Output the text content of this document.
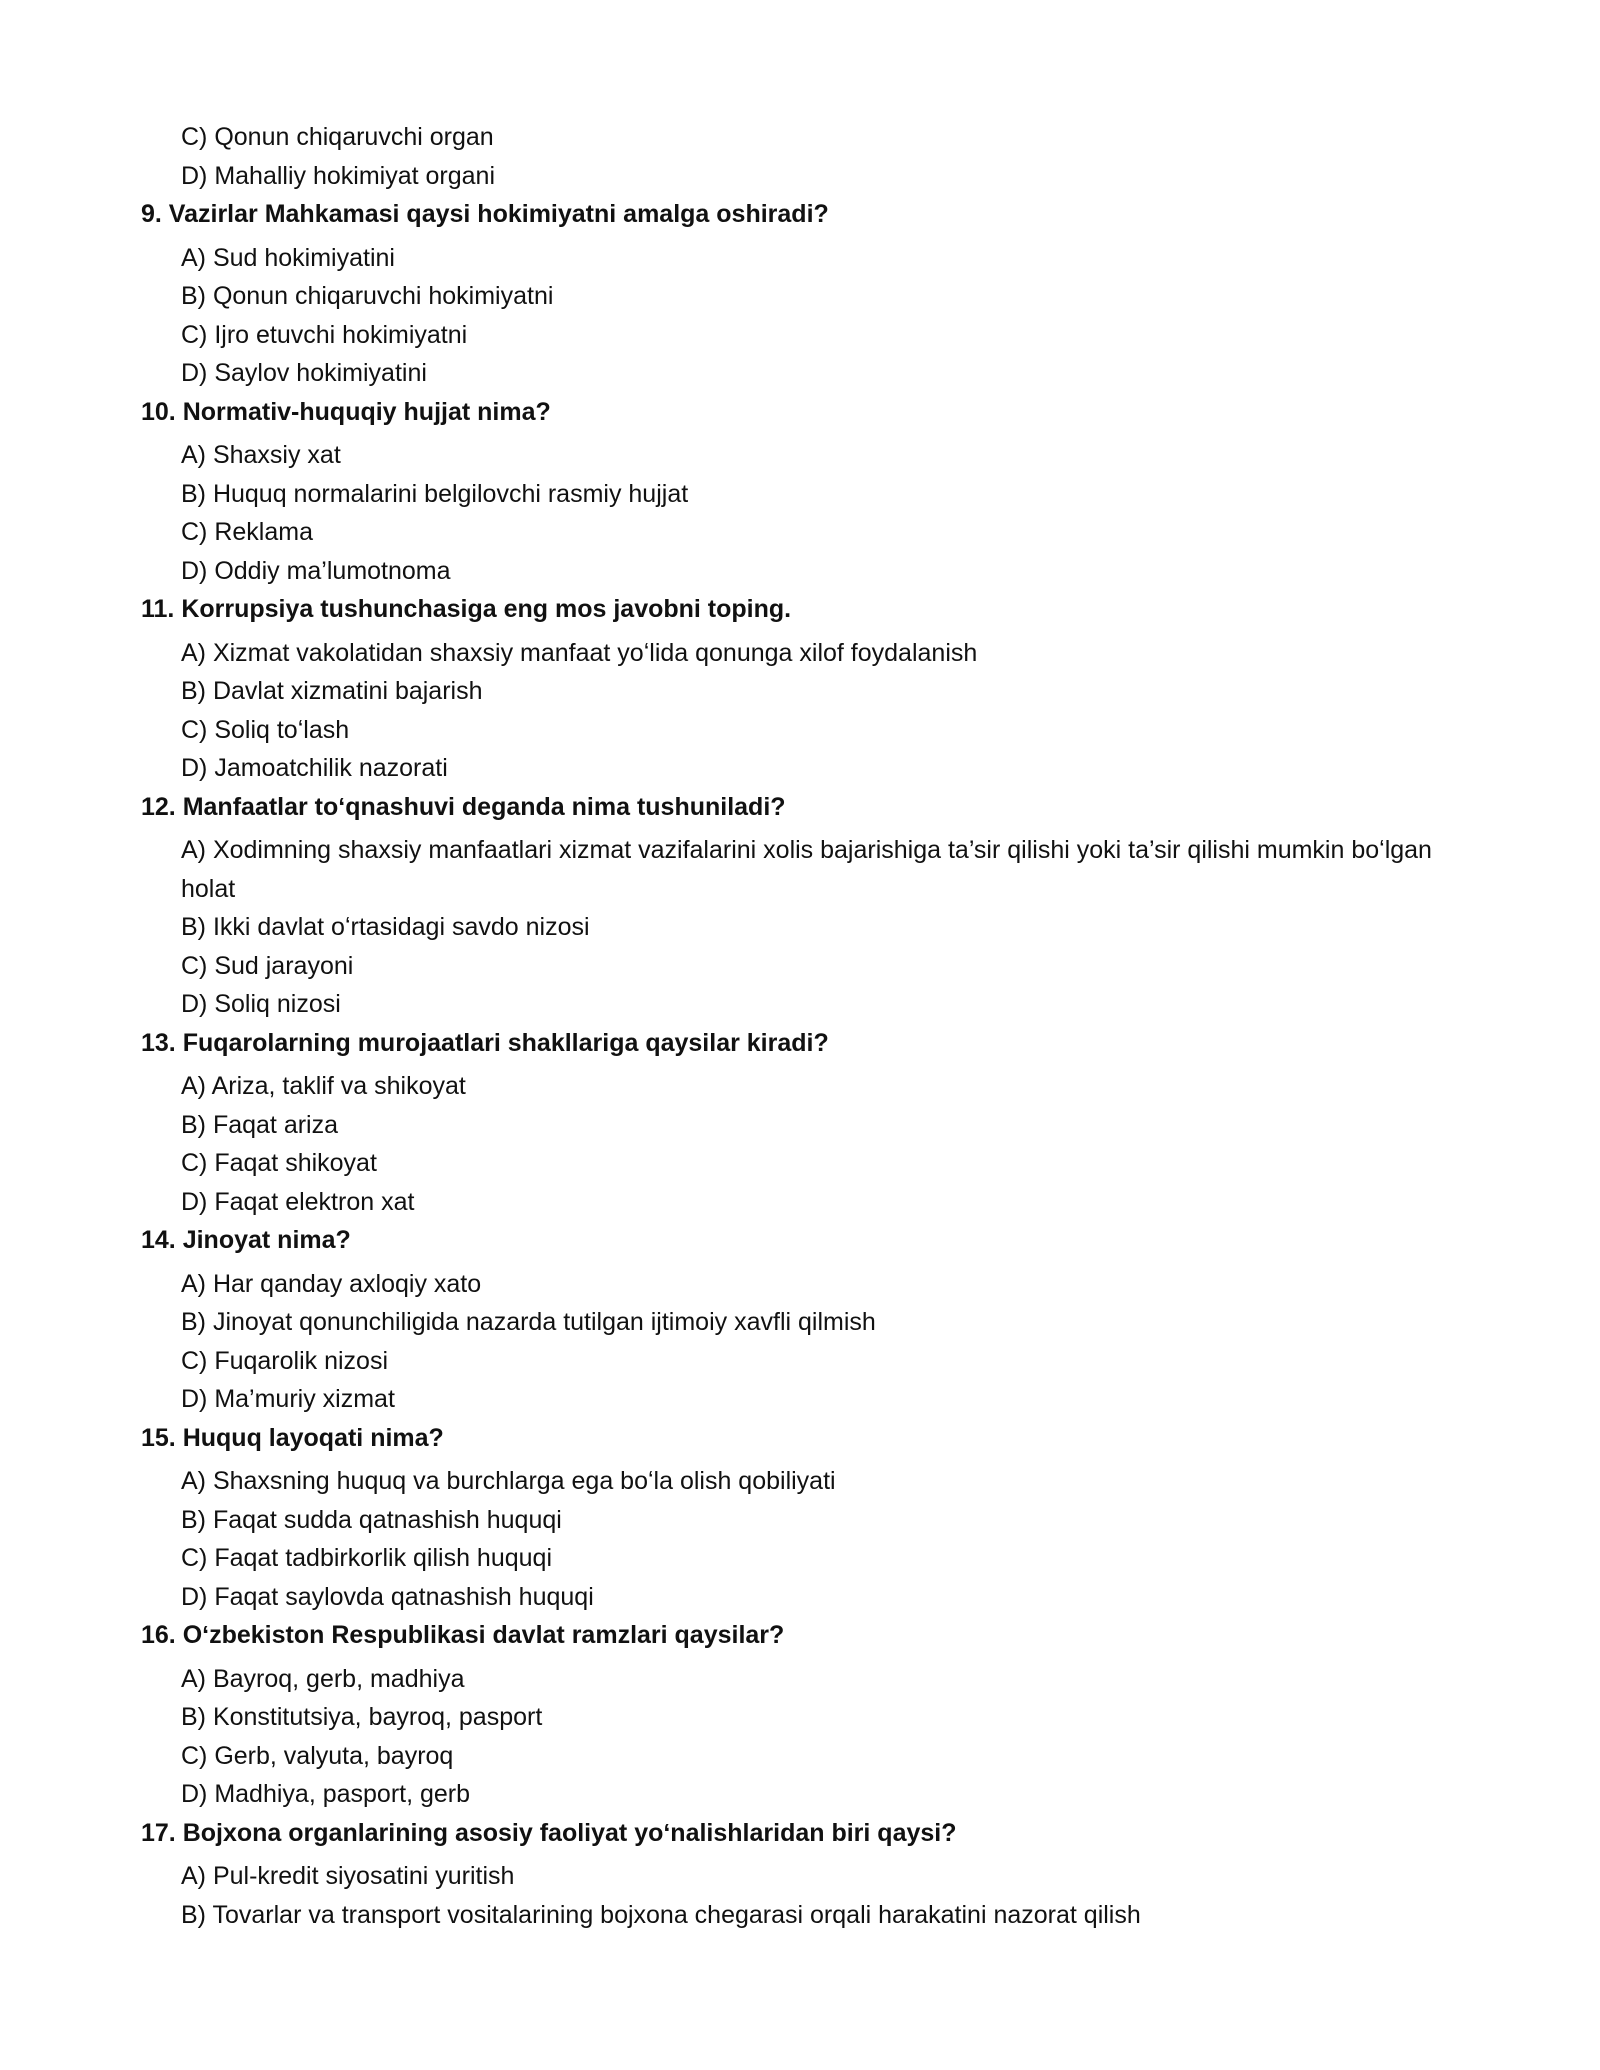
C) Qonun chiqaruvchi organ
D) Mahalliy hokimiyat organi
9. Vazirlar Mahkamasi qaysi hokimiyatni amalga oshiradi?
A) Sud hokimiyatini
B) Qonun chiqaruvchi hokimiyatni
C) Ijro etuvchi hokimiyatni
D) Saylov hokimiyatini
10. Normativ-huquqiy hujjat nima?
A) Shaxsiy xat
B) Huquq normalarini belgilovchi rasmiy hujjat
C) Reklama
D) Oddiy ma’lumotnoma
11. Korrupsiya tushunchasiga eng mos javobni toping.
A) Xizmat vakolatidan shaxsiy manfaat yoʻlida qonunga xilof foydalanish
B) Davlat xizmatini bajarish
C) Soliq toʻlash
D) Jamoatchilik nazorati
12. Manfaatlar toʻqnashuvi deganda nima tushuniladi?
A) Xodimning shaxsiy manfaatlari xizmat vazifalarini xolis bajarishiga ta’sir qilishi yoki ta’sir qilishi mumkin boʻlgan holat
B) Ikki davlat oʻrtasidagi savdo nizosi
C) Sud jarayoni
D) Soliq nizosi
13. Fuqarolarning murojaatlari shakllariga qaysilar kiradi?
A) Ariza, taklif va shikoyat
B) Faqat ariza
C) Faqat shikoyat
D) Faqat elektron xat
14. Jinoyat nima?
A) Har qanday axloqiy xato
B) Jinoyat qonunchiligida nazarda tutilgan ijtimoiy xavfli qilmish
C) Fuqarolik nizosi
D) Ma’muriy xizmat
15. Huquq layoqati nima?
A) Shaxsning huquq va burchlarga ega boʻla olish qobiliyati
B) Faqat sudda qatnashish huquqi
C) Faqat tadbirkorlik qilish huquqi
D) Faqat saylovda qatnashish huquqi
16. Oʻzbekiston Respublikasi davlat ramzlari qaysilar?
A) Bayroq, gerb, madhiya
B) Konstitutsiya, bayroq, pasport
C) Gerb, valyuta, bayroq
D) Madhiya, pasport, gerb
17. Bojxona organlarining asosiy faoliyat yoʻnalishlaridan biri qaysi?
A) Pul-kredit siyosatini yuritish
B) Tovarlar va transport vositalarining bojxona chegarasi orqali harakatini nazorat qilish
